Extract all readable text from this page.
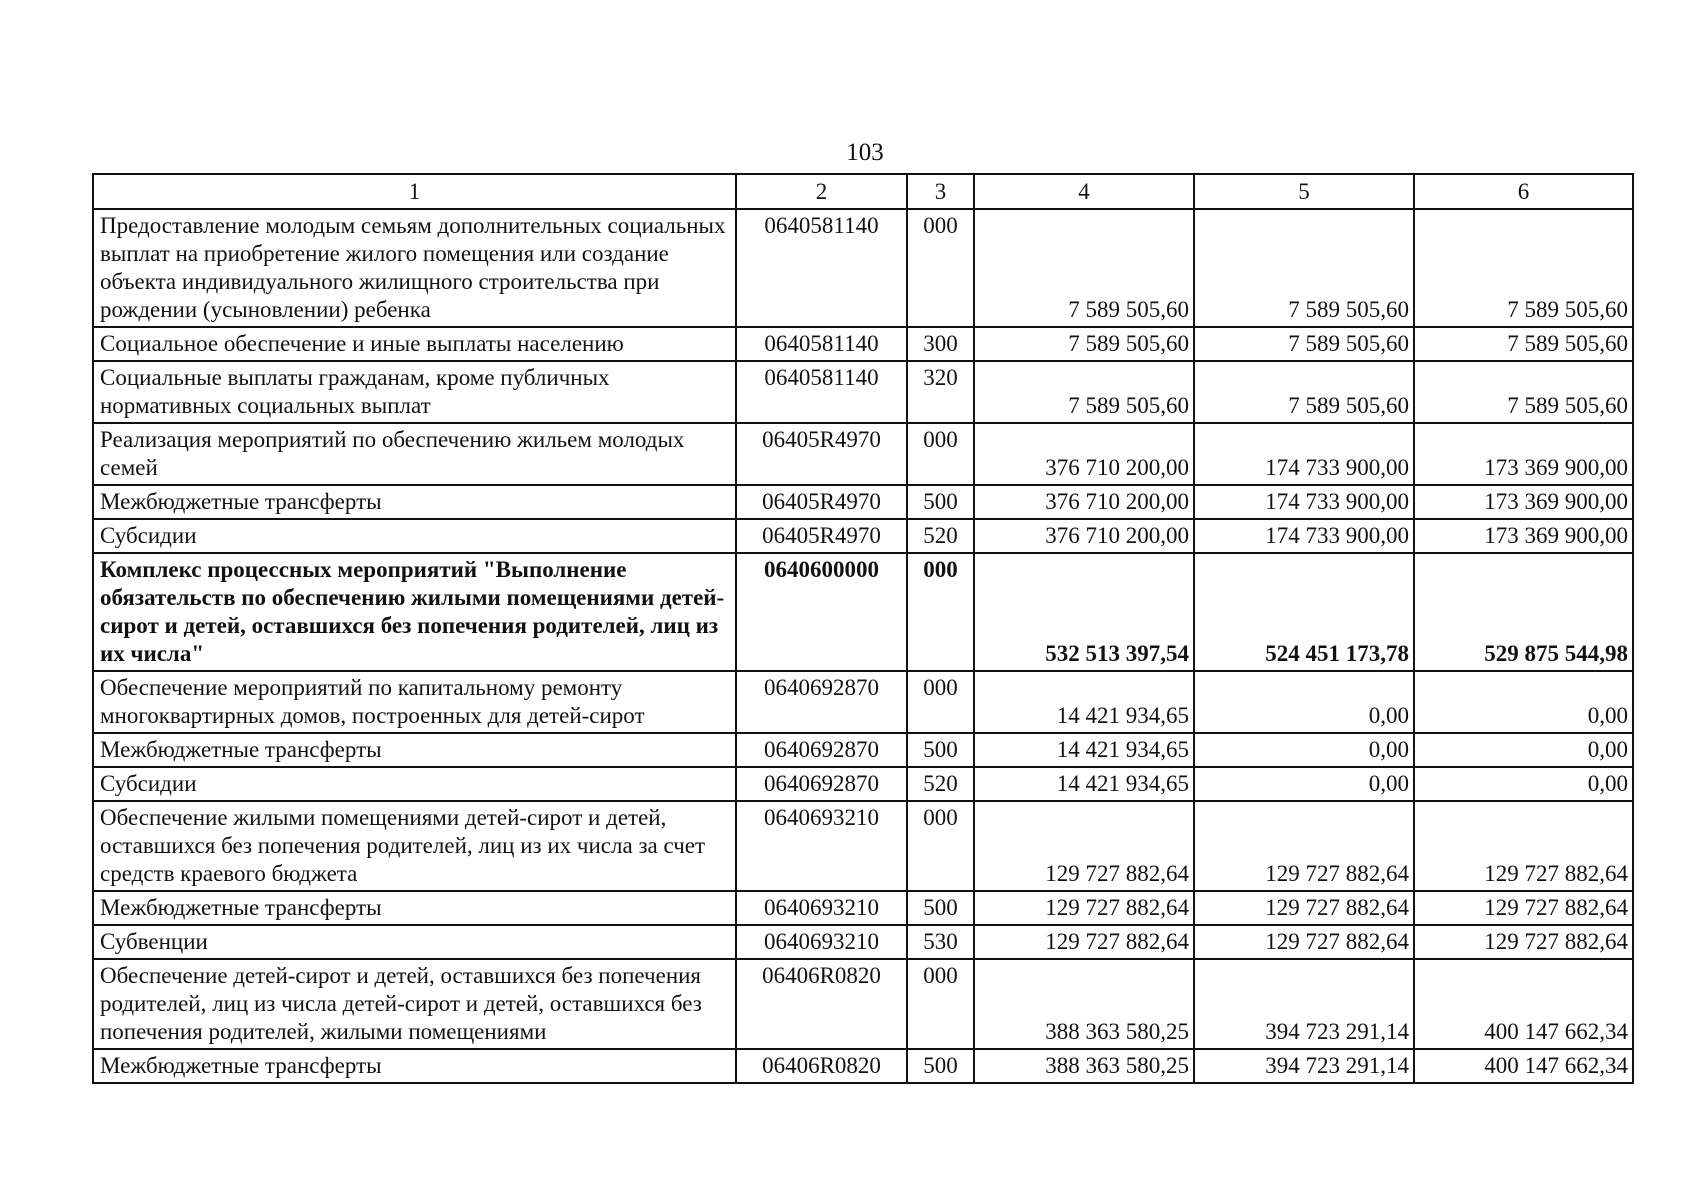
103
1	2	3	4	5	6
Предоставление молодым семьям дополнительных социальных выплат на приобретение жилого помещения или создание объекта индивидуального жилищного строительства при рождении (усыновлении) ребенка	0640581140	000	7 589 505,60	7 589 505,60	7 589 505,60
Социальное обеспечение и иные выплаты населению	0640581140	300	7 589 505,60	7 589 505,60	7 589 505,60
Социальные выплаты гражданам, кроме публичных нормативных социальных выплат	0640581140	320	7 589 505,60	7 589 505,60	7 589 505,60
Реализация мероприятий по обеспечению жильем молодых семей	06405R4970	000	376 710 200,00	174 733 900,00	173 369 900,00
Межбюджетные трансферты	06405R4970	500	376 710 200,00	174 733 900,00	173 369 900,00
Субсидии	06405R4970	520	376 710 200,00	174 733 900,00	173 369 900,00
Комплекс процессных мероприятий "Выполнение обязательств по обеспечению жилыми помещениями детей-сирот и детей, оставшихся без попечения родителей, лиц из их числа"	0640600000	000	532 513 397,54	524 451 173,78	529 875 544,98
Обеспечение мероприятий по капитальному ремонту многоквартирных домов, построенных для детей-сирот	0640692870	000	14 421 934,65	0,00	0,00
Межбюджетные трансферты	0640692870	500	14 421 934,65	0,00	0,00
Субсидии	0640692870	520	14 421 934,65	0,00	0,00
Обеспечение жилыми помещениями детей-сирот и детей, оставшихся без попечения родителей, лиц из их числа за счет средств краевого бюджета	0640693210	000	129 727 882,64	129 727 882,64	129 727 882,64
Межбюджетные трансферты	0640693210	500	129 727 882,64	129 727 882,64	129 727 882,64
Субвенции	0640693210	530	129 727 882,64	129 727 882,64	129 727 882,64
Обеспечение детей-сирот и детей, оставшихся без попечения родителей, лиц из числа детей-сирот и детей, оставшихся без попечения родителей, жилыми помещениями	06406R0820	000	388 363 580,25	394 723 291,14	400 147 662,34
Межбюджетные трансферты	06406R0820	500	388 363 580,25	394 723 291,14	400 147 662,34
